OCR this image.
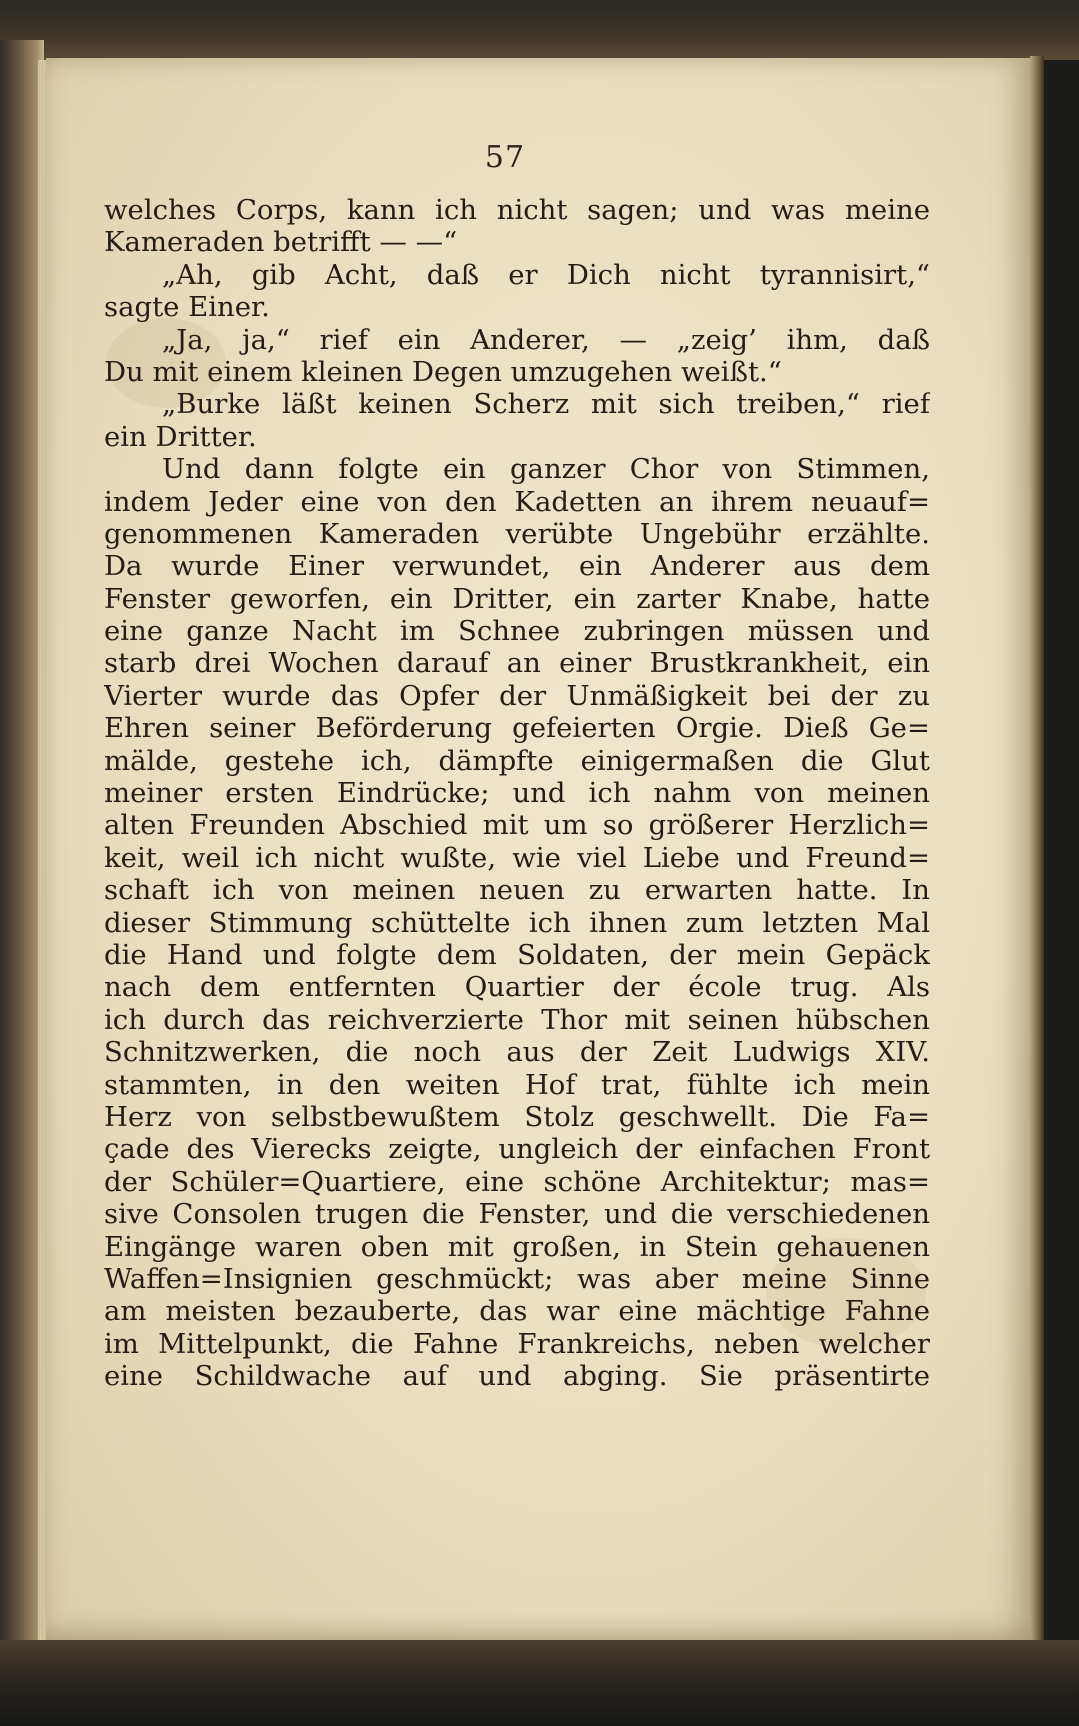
57
welches Corps, kann ich nicht sagen; und was meine
Kameraden betrifft — —“
„Ah, gib Acht, daß er Dich nicht tyrannisirt,“
sagte Einer.
„Ja, ja,“ rief ein Anderer, — „zeig’ ihm, daß
Du mit einem kleinen Degen umzugehen weißt.“
„Burke läßt keinen Scherz mit sich treiben,“ rief
ein Dritter.
Und dann folgte ein ganzer Chor von Stimmen,
indem Jeder eine von den Kadetten an ihrem neuauf=
genommenen Kameraden verübte Ungebühr erzählte.
Da wurde Einer verwundet, ein Anderer aus dem
Fenster geworfen, ein Dritter, ein zarter Knabe, hatte
eine ganze Nacht im Schnee zubringen müssen und
starb drei Wochen darauf an einer Brustkrankheit, ein
Vierter wurde das Opfer der Unmäßigkeit bei der zu
Ehren seiner Beförderung gefeierten Orgie. Dieß Ge=
mälde, gestehe ich, dämpfte einigermaßen die Glut
meiner ersten Eindrücke; und ich nahm von meinen
alten Freunden Abschied mit um so größerer Herzlich=
keit, weil ich nicht wußte, wie viel Liebe und Freund=
schaft ich von meinen neuen zu erwarten hatte. In
dieser Stimmung schüttelte ich ihnen zum letzten Mal
die Hand und folgte dem Soldaten, der mein Gepäck
nach dem entfernten Quartier der école trug. Als
ich durch das reichverzierte Thor mit seinen hübschen
Schnitzwerken, die noch aus der Zeit Ludwigs XIV.
stammten, in den weiten Hof trat, fühlte ich mein
Herz von selbstbewußtem Stolz geschwellt. Die Fa=
çade des Vierecks zeigte, ungleich der einfachen Front
der Schüler=Quartiere, eine schöne Architektur; mas=
sive Consolen trugen die Fenster, und die verschiedenen
Eingänge waren oben mit großen, in Stein gehauenen
Waffen=Insignien geschmückt; was aber meine Sinne
am meisten bezauberte, das war eine mächtige Fahne
im Mittelpunkt, die Fahne Frankreichs, neben welcher
eine Schildwache auf und abging. Sie präsentirte
